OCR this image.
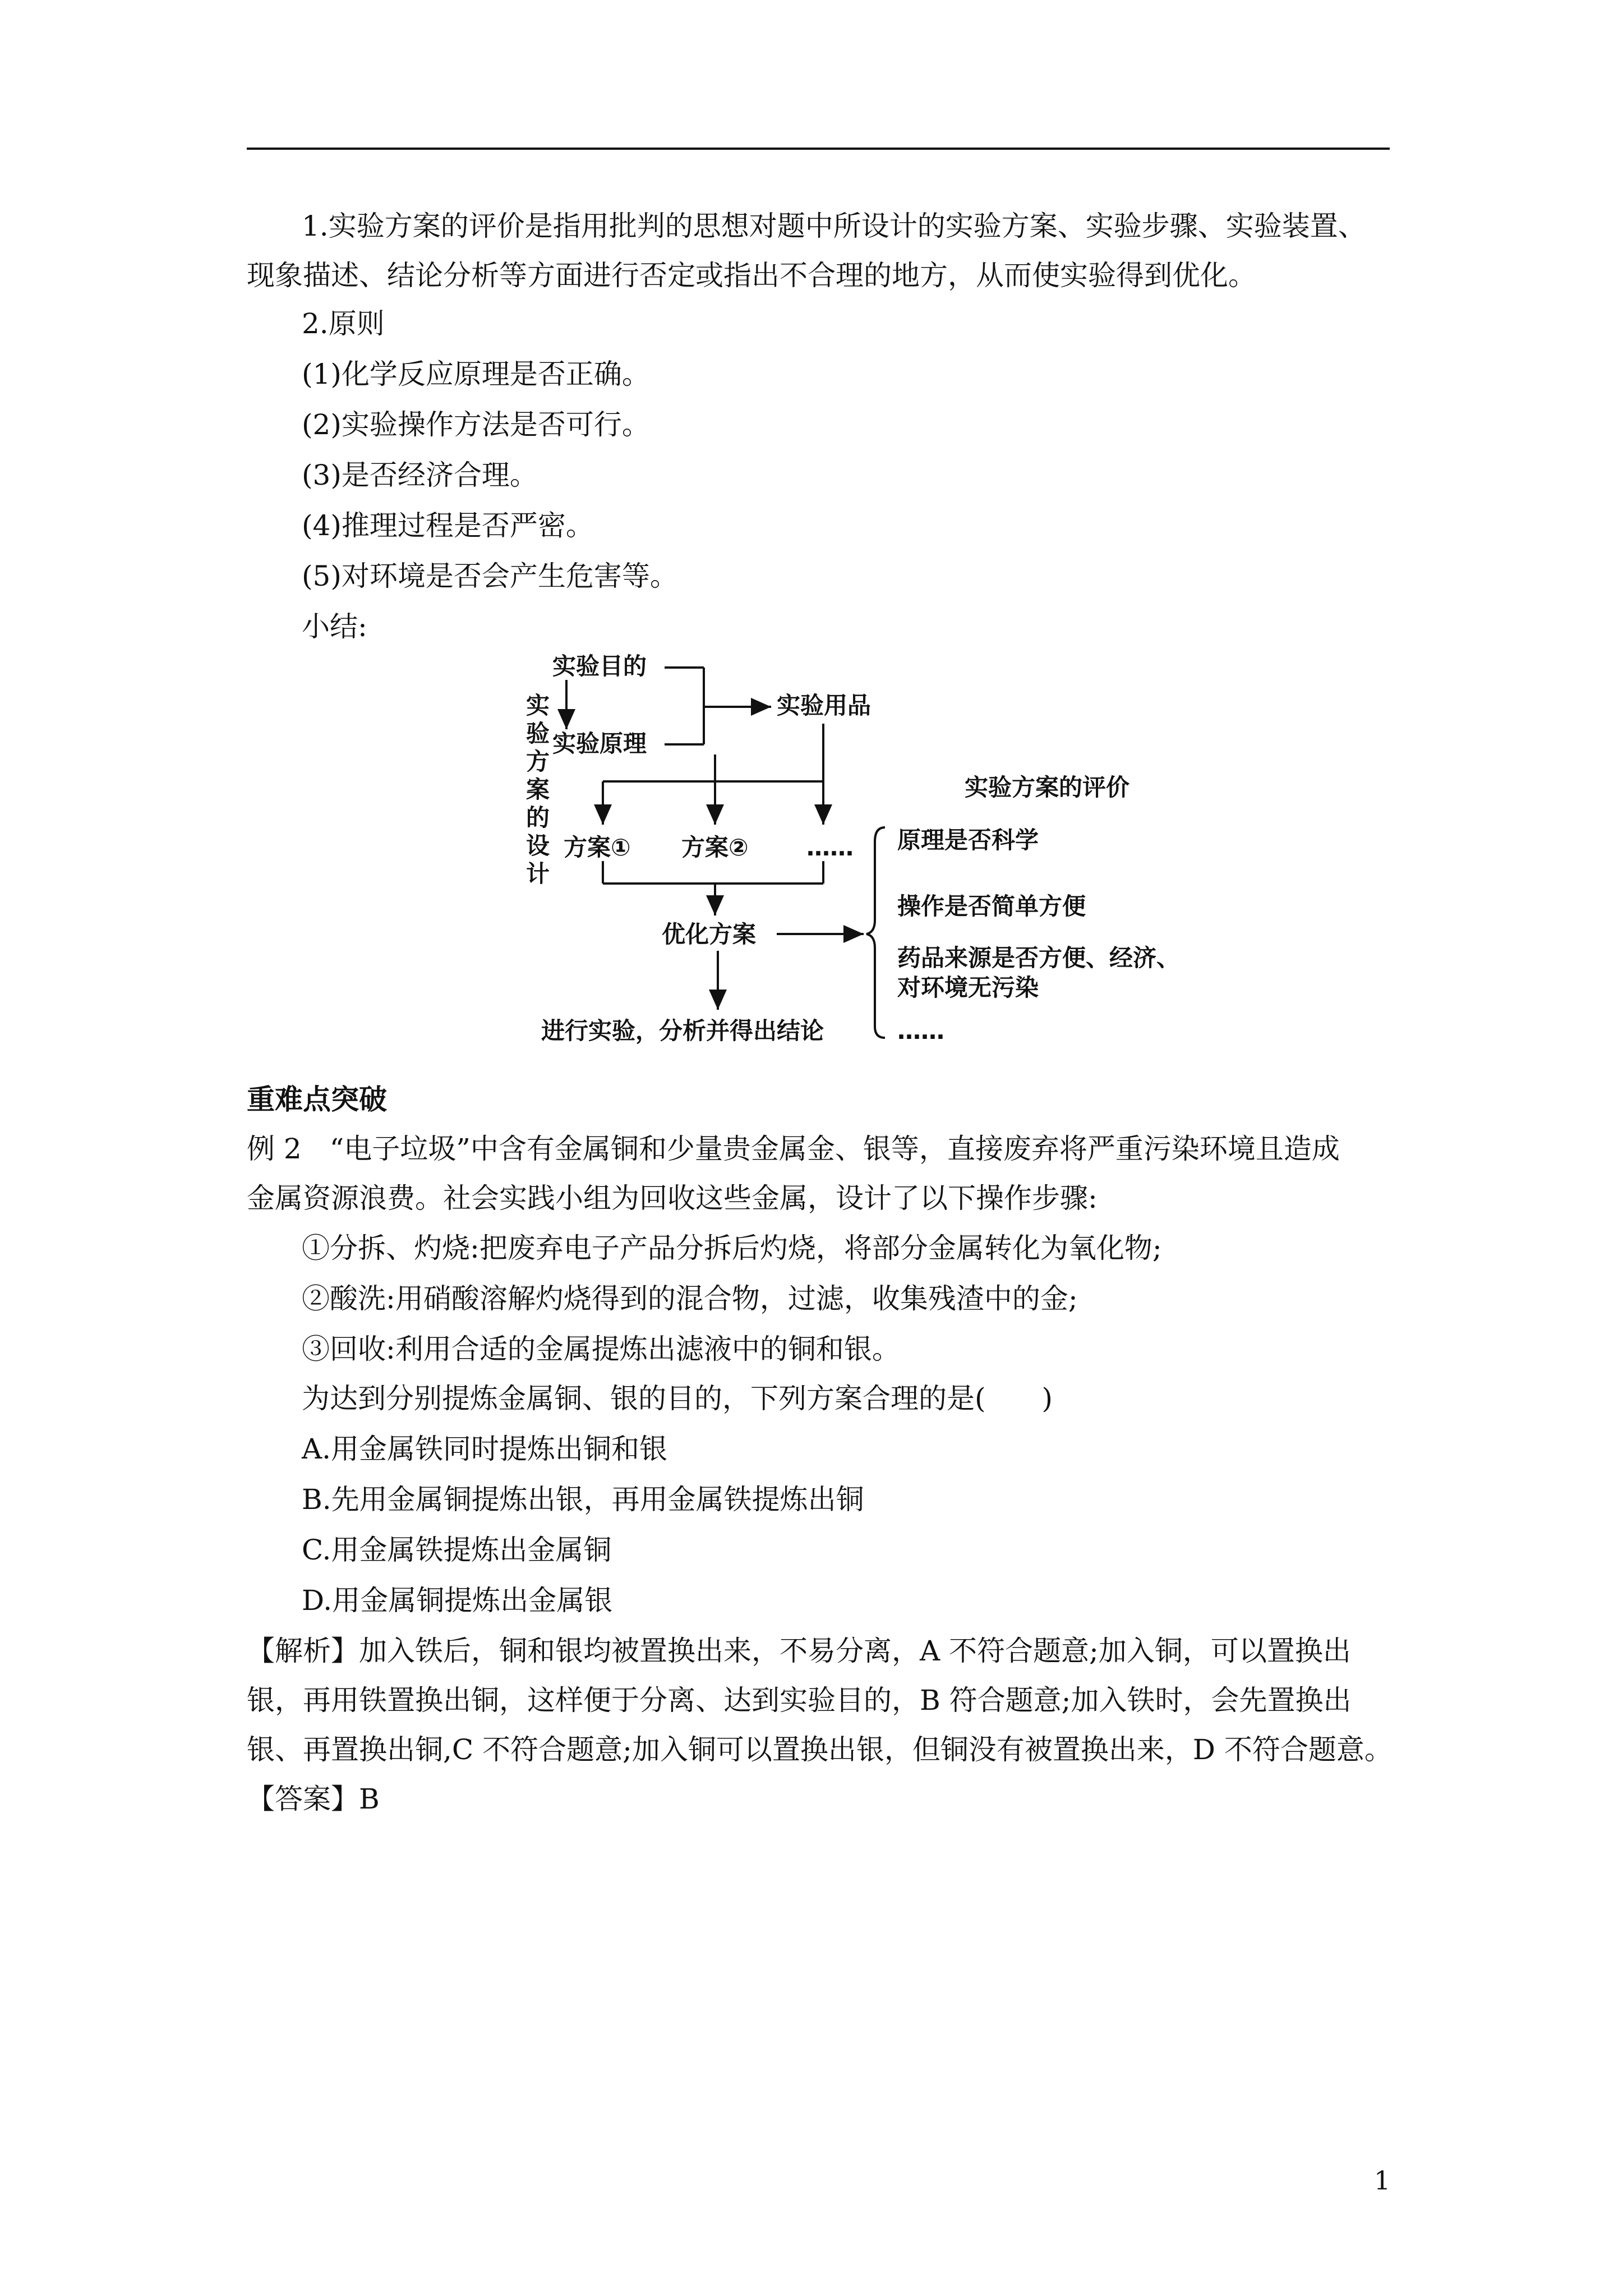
1.实验方案的评价是指用批判的思想对题中所设计的实验方案、实验步骤、实验装置、
现象描述、结论分析等方面进行否定或指出不合理的地方，从而使实验得到优化。
2.原则
(1)化学反应原理是否正确。
(2)实验操作方法是否可行。
(3)是否经济合理。
(4)推理过程是否严密。
(5)对环境是否会产生危害等。
小结:
实验目的
实验原理
实验用品
实
验
方
案
的
设
计
方案① 方案② ……
优化方案
进行实验，分析并得出结论
实验方案的评价
原理是否科学
操作是否简单方便
药品来源是否方便、经济、
对环境无污染
……
重难点突破
例 2　“电子垃圾”中含有金属铜和少量贵金属金、银等，直接废弃将严重污染环境且造成
金属资源浪费。社会实践小组为回收这些金属，设计了以下操作步骤:
①分拆、灼烧:把废弃电子产品分拆后灼烧，将部分金属转化为氧化物;
②酸洗:用硝酸溶解灼烧得到的混合物，过滤，收集残渣中的金;
③回收:利用合适的金属提炼出滤液中的铜和银。
为达到分别提炼金属铜、银的目的，下列方案合理的是(　　)
A.用金属铁同时提炼出铜和银
B.先用金属铜提炼出银，再用金属铁提炼出铜
C.用金属铁提炼出金属铜
D.用金属铜提炼出金属银
【解析】加入铁后，铜和银均被置换出来，不易分离，A 不符合题意;加入铜，可以置换出
银，再用铁置换出铜，这样便于分离、达到实验目的，B 符合题意;加入铁时，会先置换出
银、再置换出铜,C 不符合题意;加入铜可以置换出银，但铜没有被置换出来，D 不符合题意。
【答案】B
1
